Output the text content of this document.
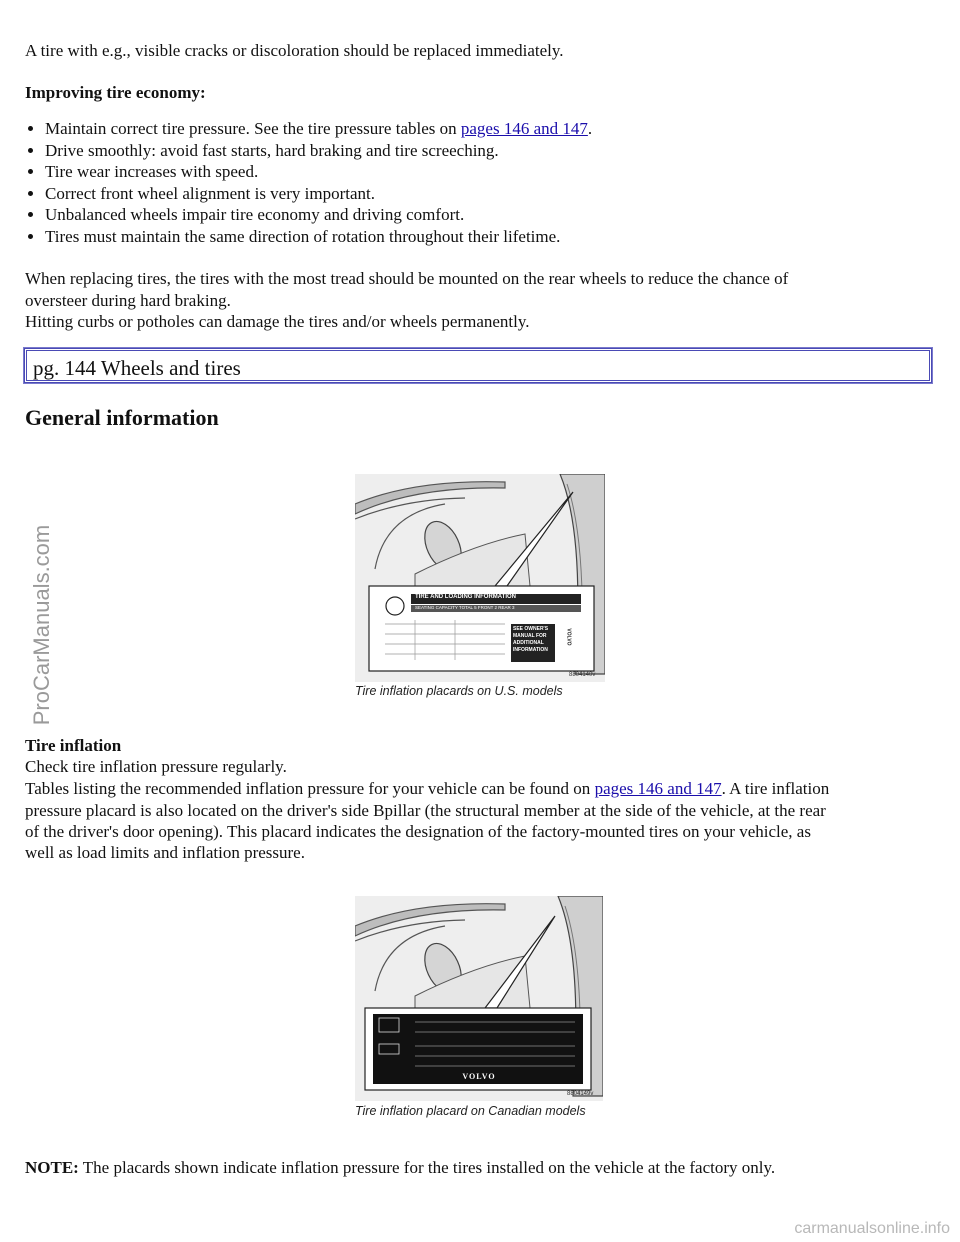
A tire with e.g., visible cracks or discoloration should be replaced immediately.
Improving tire economy:
• Maintain correct tire pressure. See the tire pressure tables on pages 146 and 147.
• Drive smoothly: avoid fast starts, hard braking and tire screeching.
• Tire wear increases with speed.
• Correct front wheel alignment is very important.
• Unbalanced wheels impair tire economy and driving comfort.
• Tires must maintain the same direction of rotation throughout their lifetime.
When replacing tires, the tires with the most tread should be mounted on the rear wheels to reduce the chance of
oversteer during hard braking.
Hitting curbs or potholes can damage the tires and/or wheels permanently.
pg. 144 Wheels and tires
General information
TIRE AND LOADING INFORMATION
SEATING CAPACITY TOTAL 5 FRONT 2 REAR 3
SEE OWNER'S MANUAL FOR ADDITIONAL INFORMATION
VOLVO
8804140v
Tire inflation placards on U.S. models
Tire inflation
Check tire inflation pressure regularly.
Tables listing the recommended inflation pressure for your vehicle can be found on pages 146 and 147. A tire inflation
pressure placard is also located on the driver's side Bpillar (the structural member at the side of the vehicle, at the rear
of the driver's door opening). This placard indicates the designation of the factory-mounted tires on your vehicle, as
well as load limits and inflation pressure.
VOLVO
8804149v
Tire inflation placard on Canadian models
NOTE: The placards shown indicate inflation pressure for the tires installed on the vehicle at the factory only.
ProCarManuals.com
carmanualsonline.info
